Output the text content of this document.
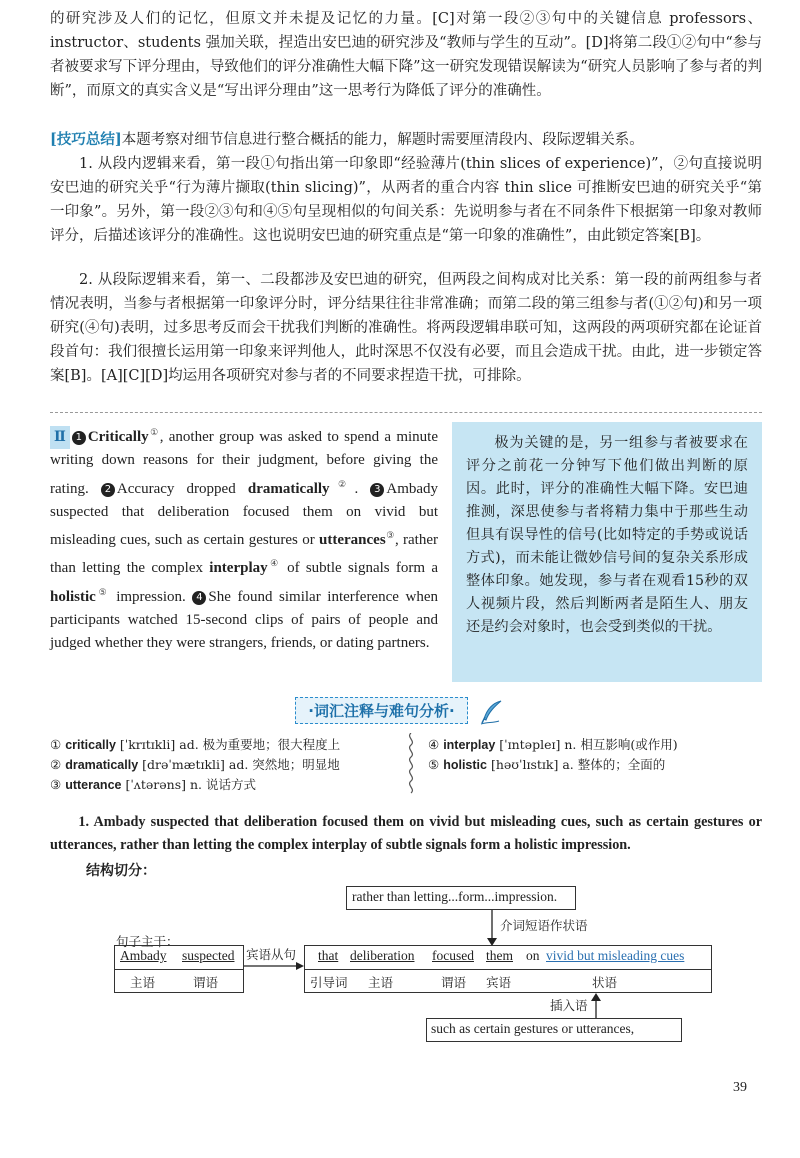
的研究涉及人们的记忆，但原文并未提及记忆的力量。[C]对第一段②③句中的关键信息 professors、instructor、students 强加关联，捏造出安巴迪的研究涉及“教师与学生的互动”。[D]将第二段①②句中“参与者被要求写下评分理由，导致他们的评分准确性大幅下降”这一研究发现错误解读为“研究人员影响了参与者的判断”，而原文的真实含义是“写出评分理由”这一思考行为降低了评分的准确性。

[技巧总结]本题考察对细节信息进行整合概括的能力，解题时需要厘清段内、段际逻辑关系。

1. 从段内逻辑来看，第一段①句指出第一印象即“经验薄片(thin slices of experience)”，②句直接说明安巴迪的研究关乎“行为薄片撷取(thin slicing)”，从两者的重合内容 thin slice 可推断安巴迪的研究关乎“第一印象”。另外，第一段②③句和④⑤句呈现相似的句间关系：先说明参与者在不同条件下根据第一印象对教师评分，后描述该评分的准确性。这也说明安巴迪的研究重点是“第一印象的准确性”，由此锁定答案[B]。

2. 从段际逻辑来看，第一、二段都涉及安巴迪的研究，但两段之间构成对比关系：第一段的前两组参与者情况表明，当参与者根据第一印象评分时，评分结果往往非常准确；而第二段的第三组参与者(①②句)和另一项研究(④句)表明，过多思考反而会干扰我们判断的准确性。将两段逻辑串联可知，这两段的两项研究都在论证首段首句：我们很擅长运用第一印象来评判他人，此时深思不仅没有必要，而且会造成干扰。由此，进一步锁定答案[B]。[A][C][D]均运用各项研究对参与者的不同要求捏造干扰，可排除。

Ⅱ 1 Critically①, another group was asked to spend a minute writing down reasons for their judgment, before giving the rating. 2 Accuracy dropped dramatically②. 3 Ambady suspected that deliberation focused them on vivid but misleading cues, such as certain gestures or utterances③, rather than letting the complex interplay④ of subtle signals form a holistic⑤ impression. 4 She found similar interference when participants watched 15-second clips of pairs of people and judged whether they were strangers, friends, or dating partners.
极为关键的是，另一组参与者被要求在评分之前花一分钟写下他们做出判断的原因。此时，评分的准确性大幅下降。安巴迪推测，深思使参与者将精力集中于那些生动但具有误导性的信号(比如特定的手势或说话方式)，而未能让微妙信号间的复杂关系形成整体印象。她发现，参与者在观看15秒的双人视频片段，然后判断两者是陌生人、朋友还是约会对象时，也会受到类似的干扰。
·词汇注释与难句分析·
① critically [ˈkrɪtɪkli] ad. 极为重要地；很大程度上
② dramatically [drəˈmætɪkli] ad. 突然地；明显地
③ utterance [ˈʌtərəns] n. 说话方式
④ interplay [ˈɪntəpleɪ] n. 相互影响(或作用)
⑤ holistic [həʊˈlɪstɪk] a. 整体的；全面的
1. Ambady suspected that deliberation focused them on vivid but misleading cues, such as certain gestures or utterances, rather than letting the complex interplay of subtle signals form a holistic impression.
结构切分：
rather than letting...form...impression.
介词短语作状语
句子主干：
Ambady suspected
主语	谓语
宾语从句 that deliberation focused them on vivid but misleading cues
引导词 主语	谓语 宾语	状语
插入语
such as certain gestures or utterances,
39
